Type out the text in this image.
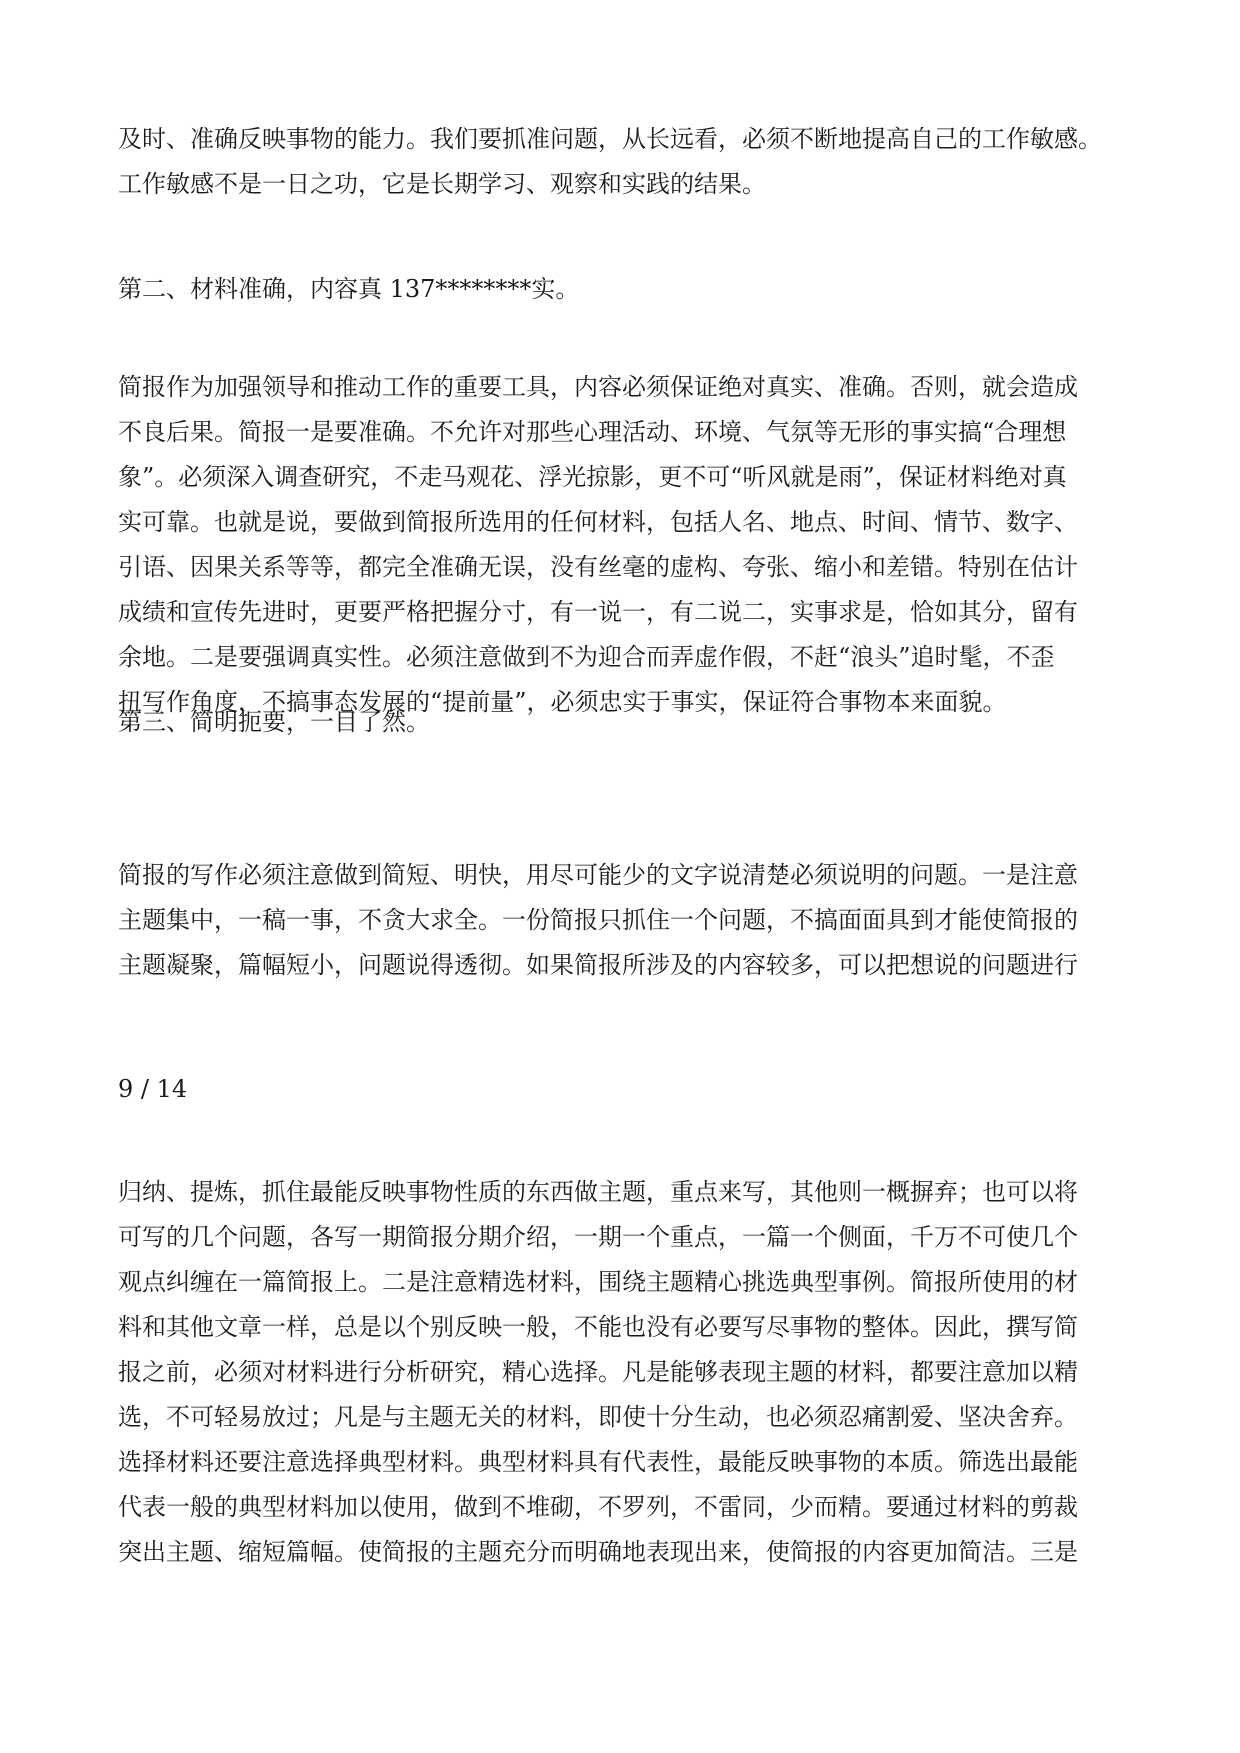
及时、准确反映事物的能力。我们要抓准问题，从长远看，必须不断地提高自己的工作敏感。
工作敏感不是一日之功，它是长期学习、观察和实践的结果。
第二、材料准确，内容真 137********实。
简报作为加强领导和推动工作的重要工具，内容必须保证绝对真实、准确。否则，就会造成
不良后果。简报一是要准确。不允许对那些心理活动、环境、气氛等无形的事实搞“合理想
象”。必须深入调查研究，不走马观花、浮光掠影，更不可“听风就是雨”，保证材料绝对真
实可靠。也就是说，要做到简报所选用的任何材料，包括人名、地点、时间、情节、数字、
引语、因果关系等等，都完全准确无误，没有丝毫的虚构、夸张、缩小和差错。特别在估计
成绩和宣传先进时，更要严格把握分寸，有一说一，有二说二，实事求是，恰如其分，留有
余地。二是要强调真实性。必须注意做到不为迎合而弄虚作假，不赶“浪头”追时髦，不歪
扭写作角度，不搞事态发展的“提前量”，必须忠实于事实，保证符合事物本来面貌。
第三、简明扼要，一目了然。
简报的写作必须注意做到简短、明快，用尽可能少的文字说清楚必须说明的问题。一是注意
主题集中，一稿一事，不贪大求全。一份简报只抓住一个问题，不搞面面具到才能使简报的
主题凝聚，篇幅短小，问题说得透彻。如果简报所涉及的内容较多，可以把想说的问题进行
9 / 14
归纳、提炼，抓住最能反映事物性质的东西做主题，重点来写，其他则一概摒弃；也可以将
可写的几个问题，各写一期简报分期介绍，一期一个重点，一篇一个侧面，千万不可使几个
观点纠缠在一篇简报上。二是注意精选材料，围绕主题精心挑选典型事例。简报所使用的材
料和其他文章一样，总是以个别反映一般，不能也没有必要写尽事物的整体。因此，撰写简
报之前，必须对材料进行分析研究，精心选择。凡是能够表现主题的材料，都要注意加以精
选，不可轻易放过；凡是与主题无关的材料，即使十分生动，也必须忍痛割爱、坚决舍弃。
选择材料还要注意选择典型材料。典型材料具有代表性，最能反映事物的本质。筛选出最能
代表一般的典型材料加以使用，做到不堆砌，不罗列，不雷同，少而精。要通过材料的剪裁
突出主题、缩短篇幅。使简报的主题充分而明确地表现出来，使简报的内容更加简洁。三是
